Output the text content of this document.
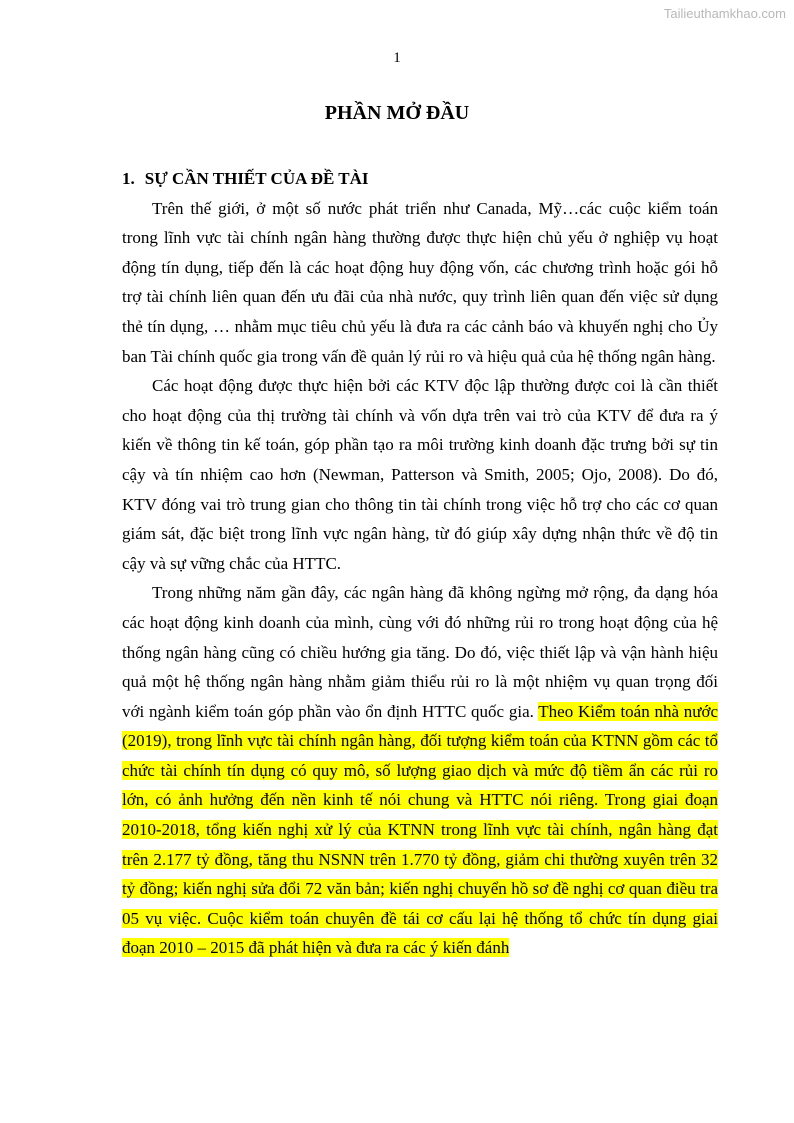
Tailieuthamkhao.com
1
PHẦN MỞ ĐẦU
1. SỰ CẦN THIẾT CỦA ĐỀ TÀI

Trên thế giới, ở một số nước phát triển như Canada, Mỹ…các cuộc kiểm toán trong lĩnh vực tài chính ngân hàng thường được thực hiện chủ yếu ở nghiệp vụ hoạt động tín dụng, tiếp đến là các hoạt động huy động vốn, các chương trình hoặc gói hỗ trợ tài chính liên quan đến ưu đãi của nhà nước, quy trình liên quan đến việc sử dụng thẻ tín dụng, … nhằm mục tiêu chủ yếu là đưa ra các cảnh báo và khuyến nghị cho Ủy ban Tài chính quốc gia trong vấn đề quản lý rủi ro và hiệu quả của hệ thống ngân hàng.

Các hoạt động được thực hiện bởi các KTV độc lập thường được coi là cần thiết cho hoạt động của thị trường tài chính và vốn dựa trên vai trò của KTV để đưa ra ý kiến về thông tin kế toán, góp phần tạo ra môi trường kinh doanh đặc trưng bởi sự tin cậy và tín nhiệm cao hơn (Newman, Patterson và Smith, 2005; Ojo, 2008). Do đó, KTV đóng vai trò trung gian cho thông tin tài chính trong việc hỗ trợ cho các cơ quan giám sát, đặc biệt trong lĩnh vực ngân hàng, từ đó giúp xây dựng nhận thức về độ tin cậy và sự vững chắc của HTTC.

Trong những năm gần đây, các ngân hàng đã không ngừng mở rộng, đa dạng hóa các hoạt động kinh doanh của mình, cùng với đó những rủi ro trong hoạt động của hệ thống ngân hàng cũng có chiều hướng gia tăng. Do đó, việc thiết lập và vận hành hiệu quả một hệ thống ngân hàng nhằm giảm thiểu rủi ro là một nhiệm vụ quan trọng đối với ngành kiểm toán góp phần vào ổn định HTTC quốc gia. Theo Kiểm toán nhà nước (2019), trong lĩnh vực tài chính ngân hàng, đối tượng kiểm toán của KTNN gồm các tổ chức tài chính tín dụng có quy mô, số lượng giao dịch và mức độ tiềm ẩn các rủi ro lớn, có ảnh hưởng đến nền kinh tế nói chung và HTTC nói riêng. Trong giai đoạn 2010-2018, tổng kiến nghị xử lý của KTNN trong lĩnh vực tài chính, ngân hàng đạt trên 2.177 tỷ đồng, tăng thu NSNN trên 1.770 tỷ đồng, giảm chi thường xuyên trên 32 tỷ đồng; kiến nghị sửa đổi 72 văn bản; kiến nghị chuyển hồ sơ đề nghị cơ quan điều tra 05 vụ việc. Cuộc kiểm toán chuyên đề tái cơ cấu lại hệ thống tổ chức tín dụng giai đoạn 2010 – 2015 đã phát hiện và đưa ra các ý kiến đánh
